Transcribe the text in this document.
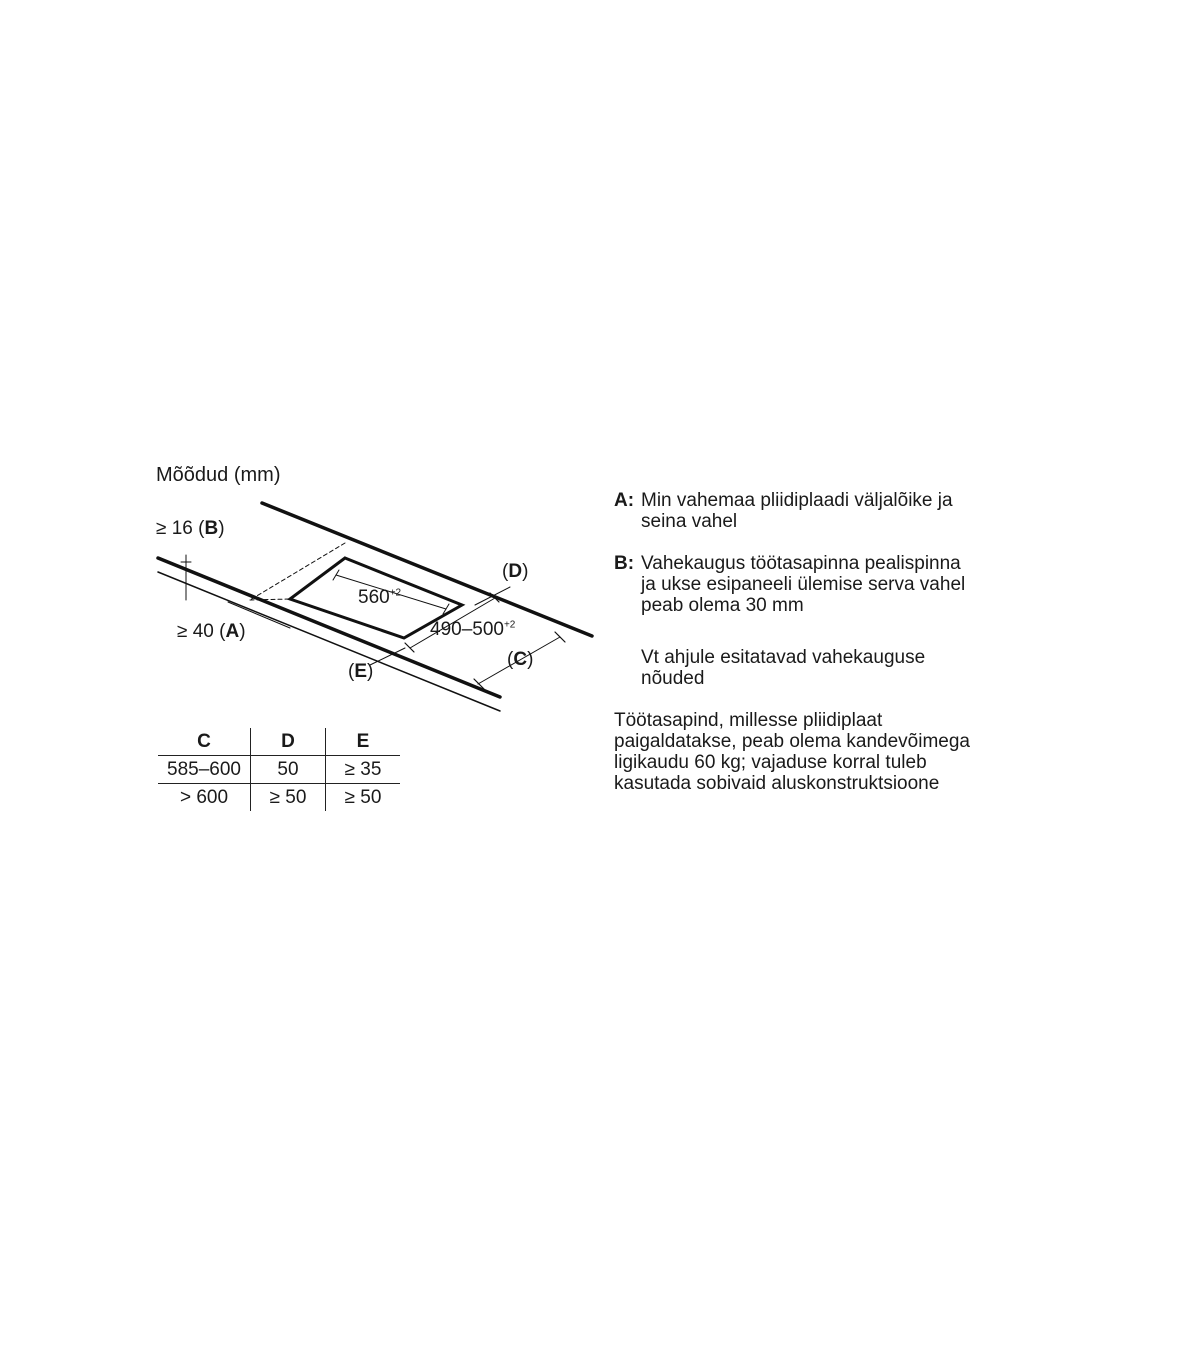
Mõõdud (mm)
≥ 16 (B)
≥ 40 (A)
(D)
(C)
(E)
$560^{+2}$
$490-500^{+2}$
C	D	E
585–600	50	≥ 35
> 600	≥ 50	≥ 50
A: Min vahemaa pliidiplaadi väljalõike ja
seina vahel
B: Vahekaugus töötasapinna pealispinna
ja ukse esipaneeli ülemise serva vahel
peab olema 30 mm
Vt ahjule esitatavad vahekauguse
nõuded
Töötasapind, millesse pliidiplaat
paigaldatakse, peab olema kandevõimega
ligikaudu 60 kg; vajaduse korral tuleb
kasutada sobivaid aluskonstruktsioone
